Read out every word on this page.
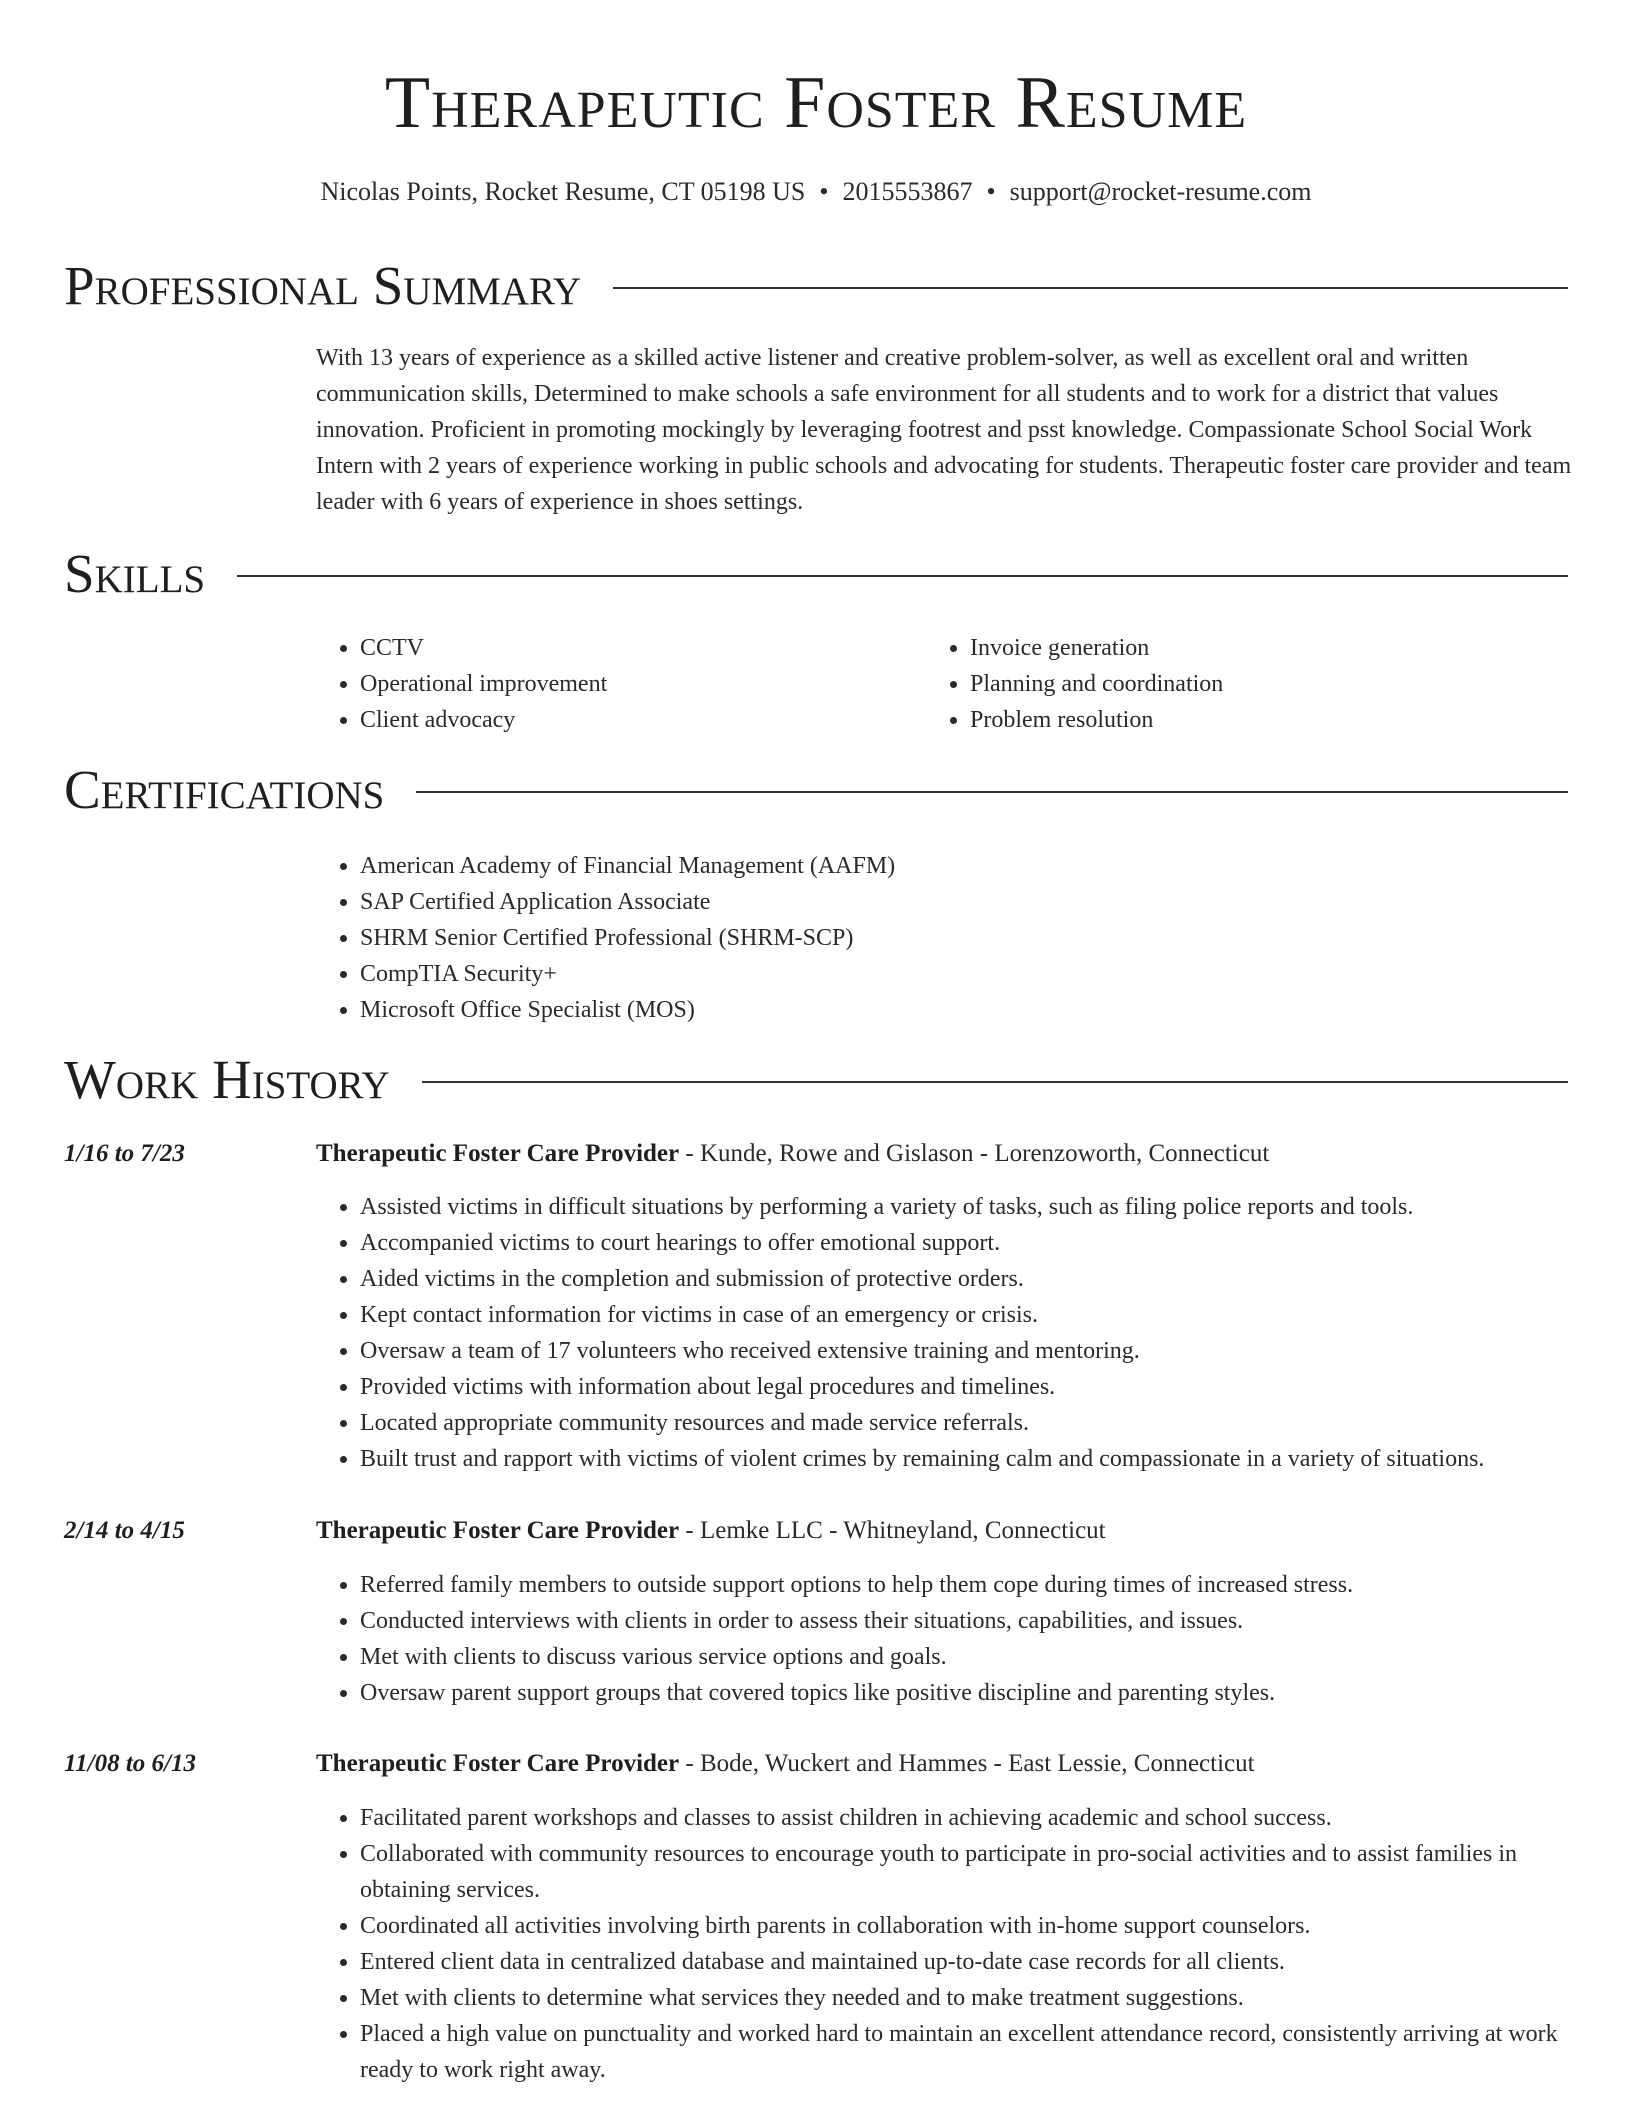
Therapeutic Foster Resume
Nicolas Points, Rocket Resume, CT 05198 US • 2015553867 • support@rocket-resume.com
Professional Summary
With 13 years of experience as a skilled active listener and creative problem-solver, as well as excellent oral and written communication skills, Determined to make schools a safe environment for all students and to work for a district that values innovation. Proficient in promoting mockingly by leveraging footrest and psst knowledge. Compassionate School Social Work Intern with 2 years of experience working in public schools and advocating for students. Therapeutic foster care provider and team leader with 6 years of experience in shoes settings.
Skills
• CCTV
• Operational improvement
• Client advocacy
• Invoice generation
• Planning and coordination
• Problem resolution
Certifications
• American Academy of Financial Management (AAFM)
• SAP Certified Application Associate
• SHRM Senior Certified Professional (SHRM-SCP)
• CompTIA Security+
• Microsoft Office Specialist (MOS)
Work History
1/16 to 7/23	Therapeutic Foster Care Provider - Kunde, Rowe and Gislason - Lorenzoworth, Connecticut
• Assisted victims in difficult situations by performing a variety of tasks, such as filing police reports and tools.
• Accompanied victims to court hearings to offer emotional support.
• Aided victims in the completion and submission of protective orders.
• Kept contact information for victims in case of an emergency or crisis.
• Oversaw a team of 17 volunteers who received extensive training and mentoring.
• Provided victims with information about legal procedures and timelines.
• Located appropriate community resources and made service referrals.
• Built trust and rapport with victims of violent crimes by remaining calm and compassionate in a variety of situations.
2/14 to 4/15	Therapeutic Foster Care Provider - Lemke LLC - Whitneyland, Connecticut
• Referred family members to outside support options to help them cope during times of increased stress.
• Conducted interviews with clients in order to assess their situations, capabilities, and issues.
• Met with clients to discuss various service options and goals.
• Oversaw parent support groups that covered topics like positive discipline and parenting styles.
11/08 to 6/13	Therapeutic Foster Care Provider - Bode, Wuckert and Hammes - East Lessie, Connecticut
• Facilitated parent workshops and classes to assist children in achieving academic and school success.
• Collaborated with community resources to encourage youth to participate in pro-social activities and to assist families in obtaining services.
• Coordinated all activities involving birth parents in collaboration with in-home support counselors.
• Entered client data in centralized database and maintained up-to-date case records for all clients.
• Met with clients to determine what services they needed and to make treatment suggestions.
• Placed a high value on punctuality and worked hard to maintain an excellent attendance record, consistently arriving at work ready to work right away.
